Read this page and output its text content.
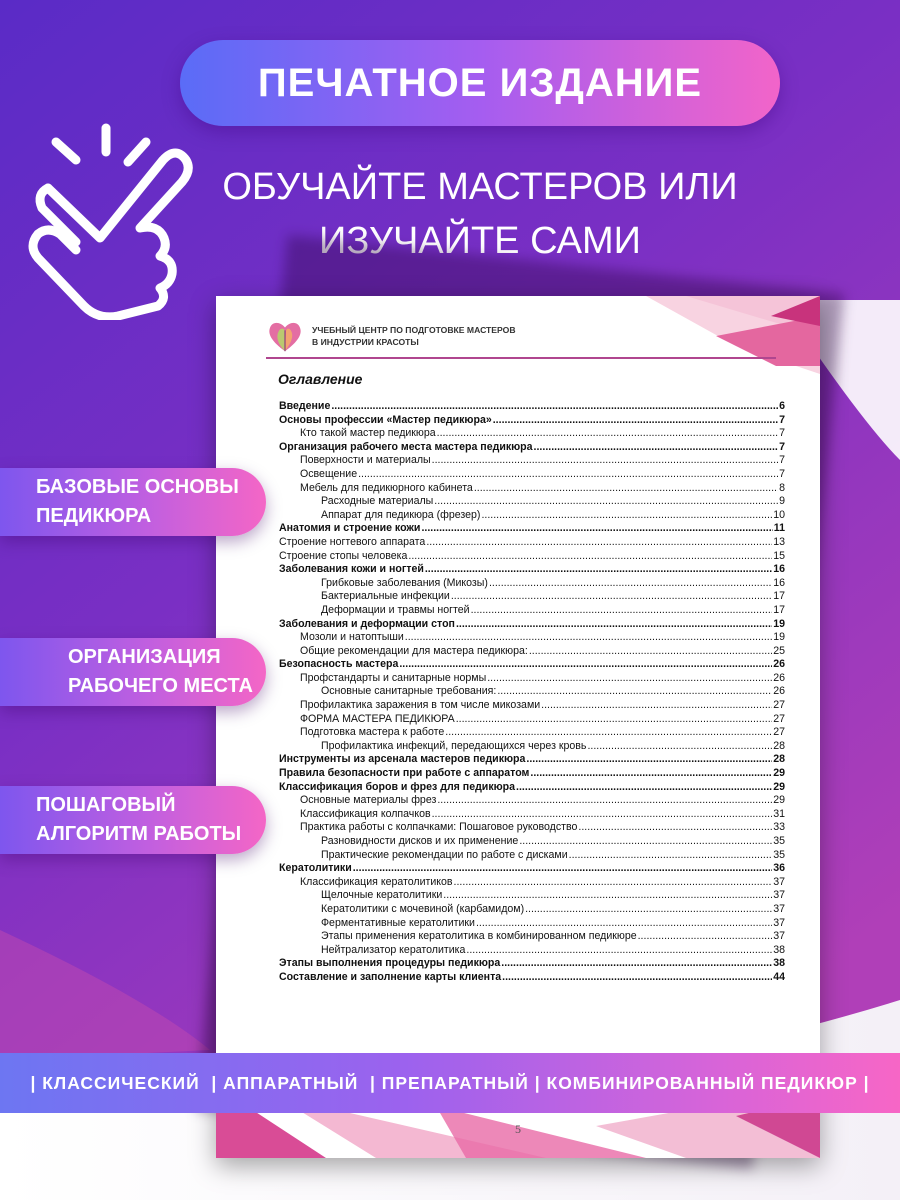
ПЕЧАТНОЕ ИЗДАНИЕ
ОБУЧАЙТЕ МАСТЕРОВ ИЛИ
ИЗУЧАЙТЕ САМИ
УЧЕБНЫЙ ЦЕНТР ПО ПОДГОТОВКЕ МАСТЕРОВ
В ИНДУСТРИИ КРАСОТЫ
Оглавление
Введение .....	6
Основы профессии «Мастер педикюра» .....	7
Кто такой мастер педикюра .....	7
Организация рабочего места мастера педикюра .....	7
Поверхности и материалы .....	7
Освещение .....	7
Мебель для педикюрного кабинета .....	8
Расходные материалы .....	9
Аппарат для педикюра (фрезер) .....	10
Анатомия и строение кожи .....	11
Строение ногтевого аппарата .....	13
Строение стопы человека .....	15
Заболевания кожи и ногтей .....	16
Грибковые заболевания (Микозы) .....	16
Бактериальные инфекции .....	17
Деформации и травмы ногтей .....	17
Заболевания и деформации стоп .....	19
Мозоли и натоптыши .....	19
Общие рекомендации для мастера педикюра: .....	25
Безопасность мастера .....	26
Профстандарты и санитарные нормы .....	26
Основные санитарные требования: .....	26
Профилактика заражения в том числе микозами .....	27
ФОРМА МАСТЕРА ПЕДИКЮРА .....	27
Подготовка мастера к работе .....	27
Профилактика инфекций, передающихся через кровь .....	28
Инструменты из арсенала мастеров педикюра .....	28
Правила безопасности при работе с аппаратом .....	29
Классификация боров и фрез для педикюра .....	29
Основные материалы фрез .....	29
Классификация колпачков .....	31
Практика работы с колпачками: Пошаговое руководство .....	33
Разновидности дисков и их применение .....	35
Практические рекомендации по работе с дисками .....	35
Кератолитики .....	36
Классификация кератолитиков .....	37
Щелочные кератолитики .....	37
Кератолитики с мочевиной (карбамидом) .....	37
Ферментативные кератолитики .....	37
Этапы применения кератолитика в комбинированном педикюре .....	37
Нейтрализатор кератолитика .....	38
Этапы выполнения процедуры педикюра .....	38
Составление и заполнение карты клиента .....	44
5
БАЗОВЫЕ ОСНОВЫ
ПЕДИКЮРА
ОРГАНИЗАЦИЯ
РАБОЧЕГО МЕСТА
ПОШАГОВЫЙ
АЛГОРИТМ РАБОТЫ
| КЛАССИЧЕСКИЙ  | АППАРАТНЫЙ  | ПРЕПАРАТНЫЙ | КОМБИНИРОВАННЫЙ ПЕДИКЮР |
